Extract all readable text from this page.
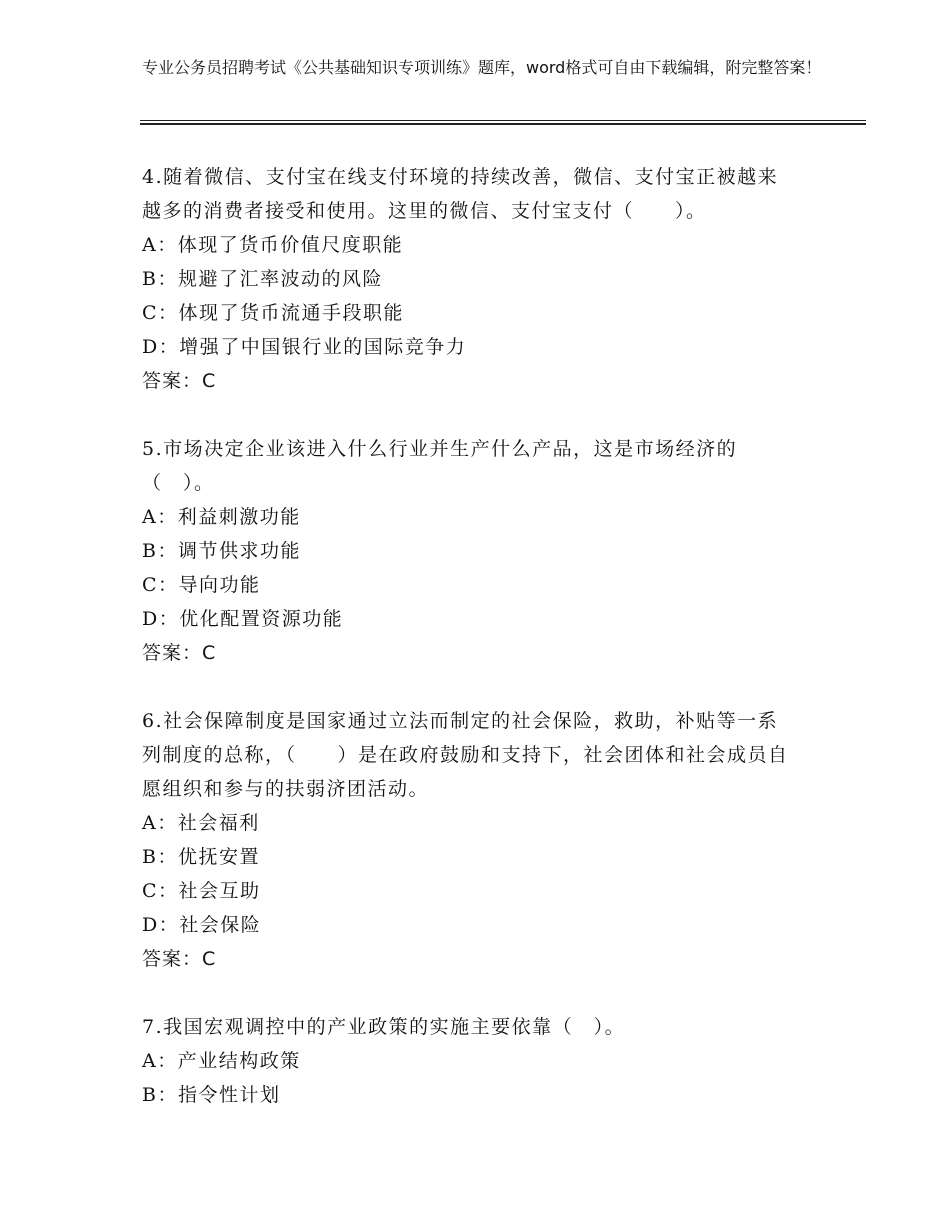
专业公务员招聘考试《公共基础知识专项训练》题库，word格式可自由下载编辑，附完整答案！

4.随着微信、支付宝在线支付环境的持续改善，微信、支付宝正被越来越多的消费者接受和使用。这里的微信、支付宝支付（　　）。

A：体现了货币价值尺度职能

B：规避了汇率波动的风险

C：体现了货币流通手段职能

D：增强了中国银行业的国际竞争力

答案：C

5.市场决定企业该进入什么行业并生产什么产品，这是市场经济的（　）。

A：利益刺激功能

B：调节供求功能

C：导向功能

D：优化配置资源功能

答案：C

6.社会保障制度是国家通过立法而制定的社会保险，救助，补贴等一系列制度的总称，（　　）是在政府鼓励和支持下，社会团体和社会成员自愿组织和参与的扶弱济团活动。

A：社会福利

B：优抚安置

C：社会互助

D：社会保险

答案：C

7.我国宏观调控中的产业政策的实施主要依靠（　）。

A：产业结构政策

B：指令性计划
